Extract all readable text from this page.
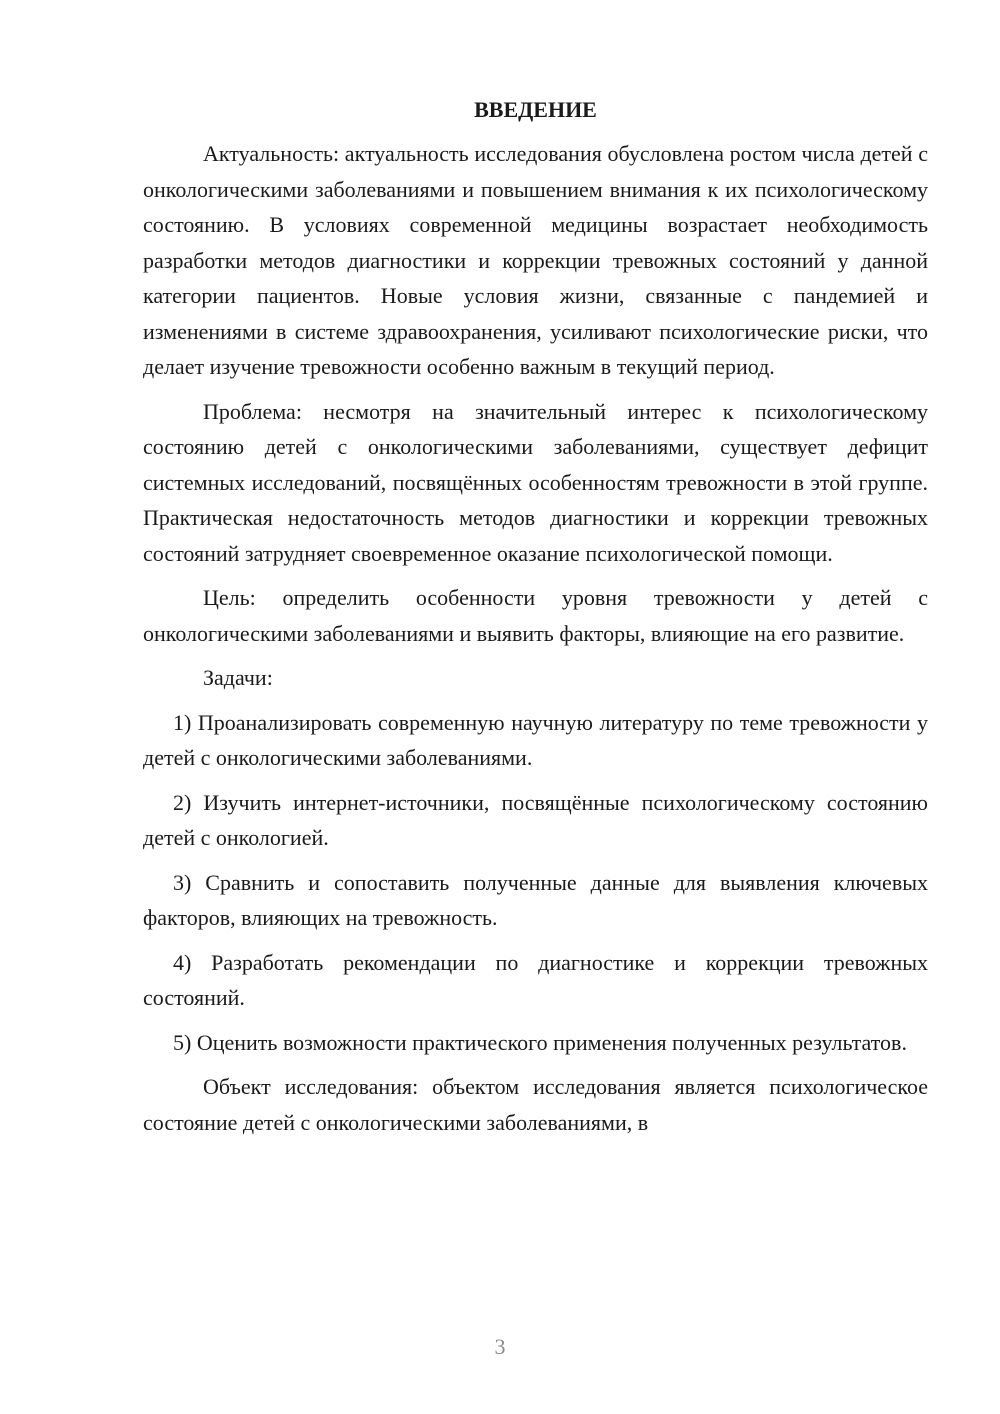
ВВЕДЕНИЕ

Актуальность: актуальность исследования обусловлена ростом числа детей с онкологическими заболеваниями и повышением внимания к их психологическому состоянию. В условиях современной медицины возрастает необходимость разработки методов диагностики и коррекции тревожных состояний у данной категории пациентов. Новые условия жизни, связанные с пандемией и изменениями в системе здравоохранения, усиливают психологические риски, что делает изучение тревожности особенно важным в текущий период.

Проблема: несмотря на значительный интерес к психологическому состоянию детей с онкологическими заболеваниями, существует дефицит системных исследований, посвящённых особенностям тревожности в этой группе. Практическая недостаточность методов диагностики и коррекции тревожных состояний затрудняет своевременное оказание психологической помощи.

Цель: определить особенности уровня тревожности у детей с онкологическими заболеваниями и выявить факторы, влияющие на его развитие.

Задачи:

1) Проанализировать современную научную литературу по теме тревожности у детей с онкологическими заболеваниями.

2) Изучить интернет-источники, посвящённые психологическому состоянию детей с онкологией.

3) Сравнить и сопоставить полученные данные для выявления ключевых факторов, влияющих на тревожность.

4) Разработать рекомендации по диагностике и коррекции тревожных состояний.

5) Оценить возможности практического применения полученных результатов.

Объект исследования: объектом исследования является психологическое состояние детей с онкологическими заболеваниями, в

3
